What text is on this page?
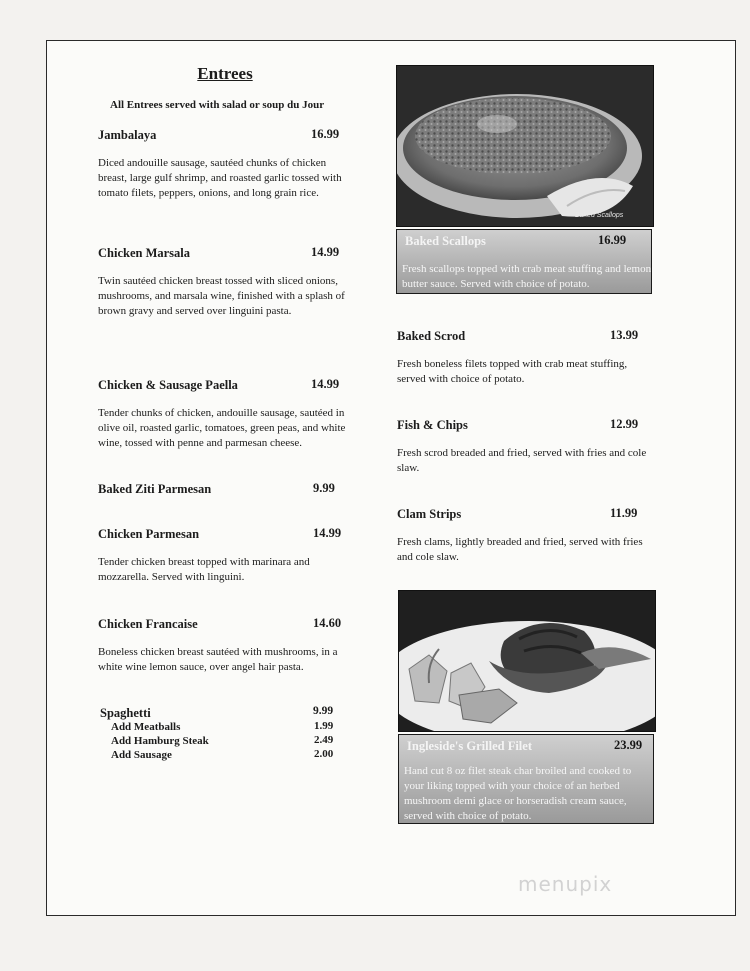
Entrees
All Entrees served with salad or soup du Jour
Jambalaya	16.99
Diced andouille sausage, sautéed chunks of chicken breast, large gulf shrimp, and roasted garlic tossed with tomato filets, peppers, onions, and long grain rice.
Chicken Marsala	14.99
Twin sautéed chicken breast tossed with sliced onions, mushrooms, and marsala wine, finished with a splash of brown gravy and served over linguini pasta.
Chicken & Sausage Paella	14.99
Tender chunks of chicken, andouille sausage, sautéed in olive oil, roasted garlic, tomatoes, green peas, and white wine, tossed with penne and parmesan cheese.
Baked Ziti Parmesan	9.99
Chicken Parmesan	14.99
Tender chicken breast topped with marinara and mozzarella. Served with linguini.
Chicken Francaise	14.60
Boneless chicken breast sautéed with mushrooms, in a white wine lemon sauce, over angel hair pasta.
Spaghetti	9.99
Add Meatballs	1.99
Add Hamburg Steak	2.49
Add Sausage	2.00
Baked Scallops
Baked Scallops	16.99
Fresh scallops topped with crab meat stuffing and lemon butter sauce. Served with choice of potato.
Baked Scrod	13.99
Fresh boneless filets topped with crab meat stuffing, served with choice of potato.
Fish & Chips	12.99
Fresh scrod breaded and fried, served with fries and cole slaw.
Clam Strips	11.99
Fresh clams, lightly breaded and fried, served with fries and cole slaw.
Ingleside's Grilled Filet	23.99
Hand cut 8 oz filet steak char broiled and cooked to your liking topped with your choice of an herbed mushroom demi glace or horseradish cream sauce, served with choice of potato.
menupix
